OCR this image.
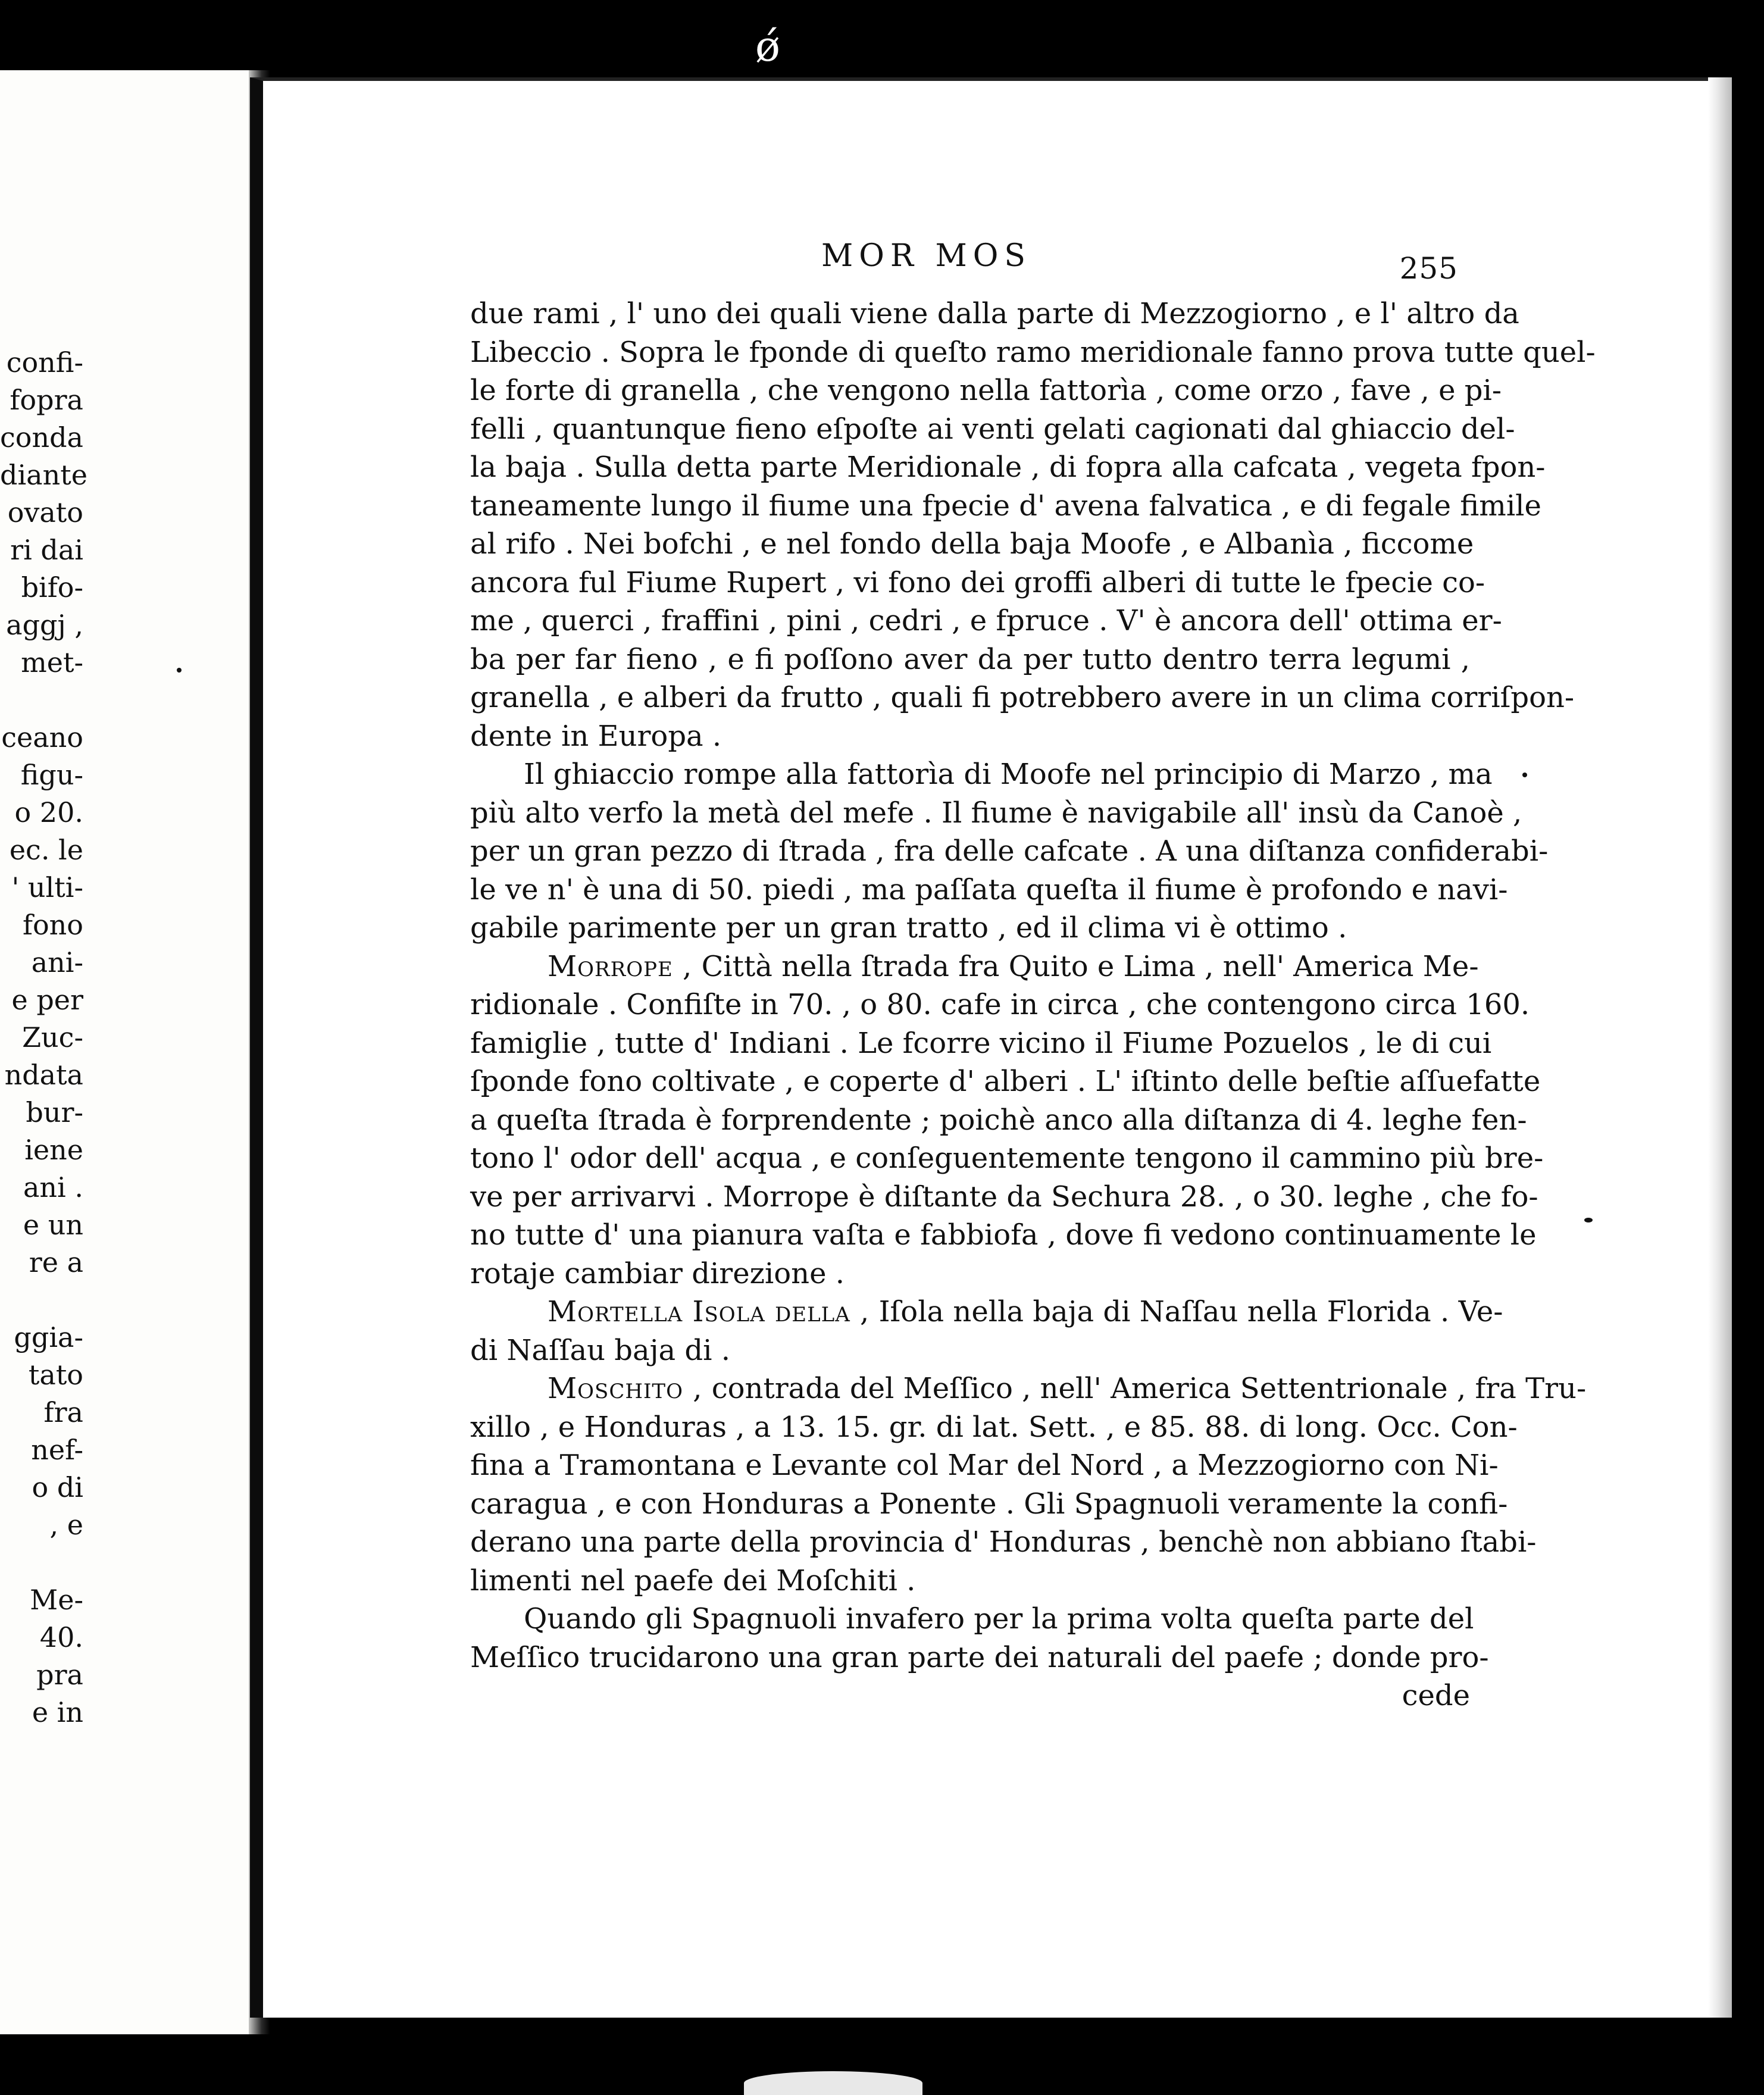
ǿ
confi-
fopra
conda
diante
ovato
ri dai
bifo-
aggj ,
met-
ceano
figu-
o 20.
ec. le
' ulti-
fono
ani-
e per
Zuc-
ndata
bur-
iene
ani .
e un
re a
ggia-
tato
fra
nef-
o di
, e
Me-
40.
pra
e in
MOR MOS	255
due rami , l' uno dei quali viene dalla parte di Mezzogiorno , e l' altro da
Libeccio . Sopra le fponde di queſto ramo meridionale fanno prova tutte quel-
le forte di granella , che vengono nella fattorìa , come orzo , fave , e pi-
felli , quantunque fieno eſpoſte ai venti gelati cagionati dal ghiaccio del-
la baja . Sulla detta parte Meridionale , di fopra alla cafcata , vegeta fpon-
taneamente lungo il fiume una fpecie d' avena falvatica , e di fegale fimile
al rifo . Nei bofchi , e nel fondo della baja Moofe , e Albanìa , ficcome
ancora ful Fiume Rupert , vi fono dei groffi alberi di tutte le fpecie co-
me , querci , fraffini , pini , cedri , e fpruce . V' è ancora dell' ottima er-
ba per far fieno , e fi poſſono aver da per tutto dentro terra legumi ,
granella , e alberi da frutto , quali fi potrebbero avere in un clima corriſpon-
dente in Europa .
Il ghiaccio rompe alla fattorìa di Moofe nel principio di Marzo , ma
più alto verfo la metà del mefe . Il fiume è navigabile all' insù da Canoè ,
per un gran pezzo di ſtrada , fra delle cafcate . A una diſtanza confiderabi-
le ve n' è una di 50. piedi , ma paſſata queſta il fiume è profondo e navi-
gabile parimente per un gran tratto , ed il clima vi è ottimo .
Morrope , Città nella ſtrada fra Quito e Lima , nell' America Me-
ridionale . Confiſte in 70. , o 80. cafe in circa , che contengono circa 160.
famiglie , tutte d' Indiani . Le fcorre vicino il Fiume Pozuelos , le di cui
ſponde fono coltivate , e coperte d' alberi . L' iſtinto delle beſtie aſſuefatte
a queſta ſtrada è forprendente ; poichè anco alla diſtanza di 4. leghe fen-
tono l' odor dell' acqua , e conſeguentemente tengono il cammino più bre-
ve per arrivarvi . Morrope è diſtante da Sechura 28. , o 30. leghe , che fo-
no tutte d' una pianura vaſta e fabbiofa , dove fi vedono continuamente le
rotaje cambiar direzione .
Mortella Isola della , Iſola nella baja di Naſſau nella Florida . Ve-
di Naſſau baja di .
Moschito , contrada del Meſſico , nell' America Settentrionale , fra Tru-
xillo , e Honduras , a 13. 15. gr. di lat. Sett. , e 85. 88. di long. Occ. Con-
fina a Tramontana e Levante col Mar del Nord , a Mezzogiorno con Ni-
caragua , e con Honduras a Ponente . Gli Spagnuoli veramente la confi-
derano una parte della provincia d' Honduras , benchè non abbiano ſtabi-
limenti nel paefe dei Moſchiti .
Quando gli Spagnuoli invafero per la prima volta queſta parte del
Meſſico trucidarono una gran parte dei naturali del paefe ; donde pro-
cede
